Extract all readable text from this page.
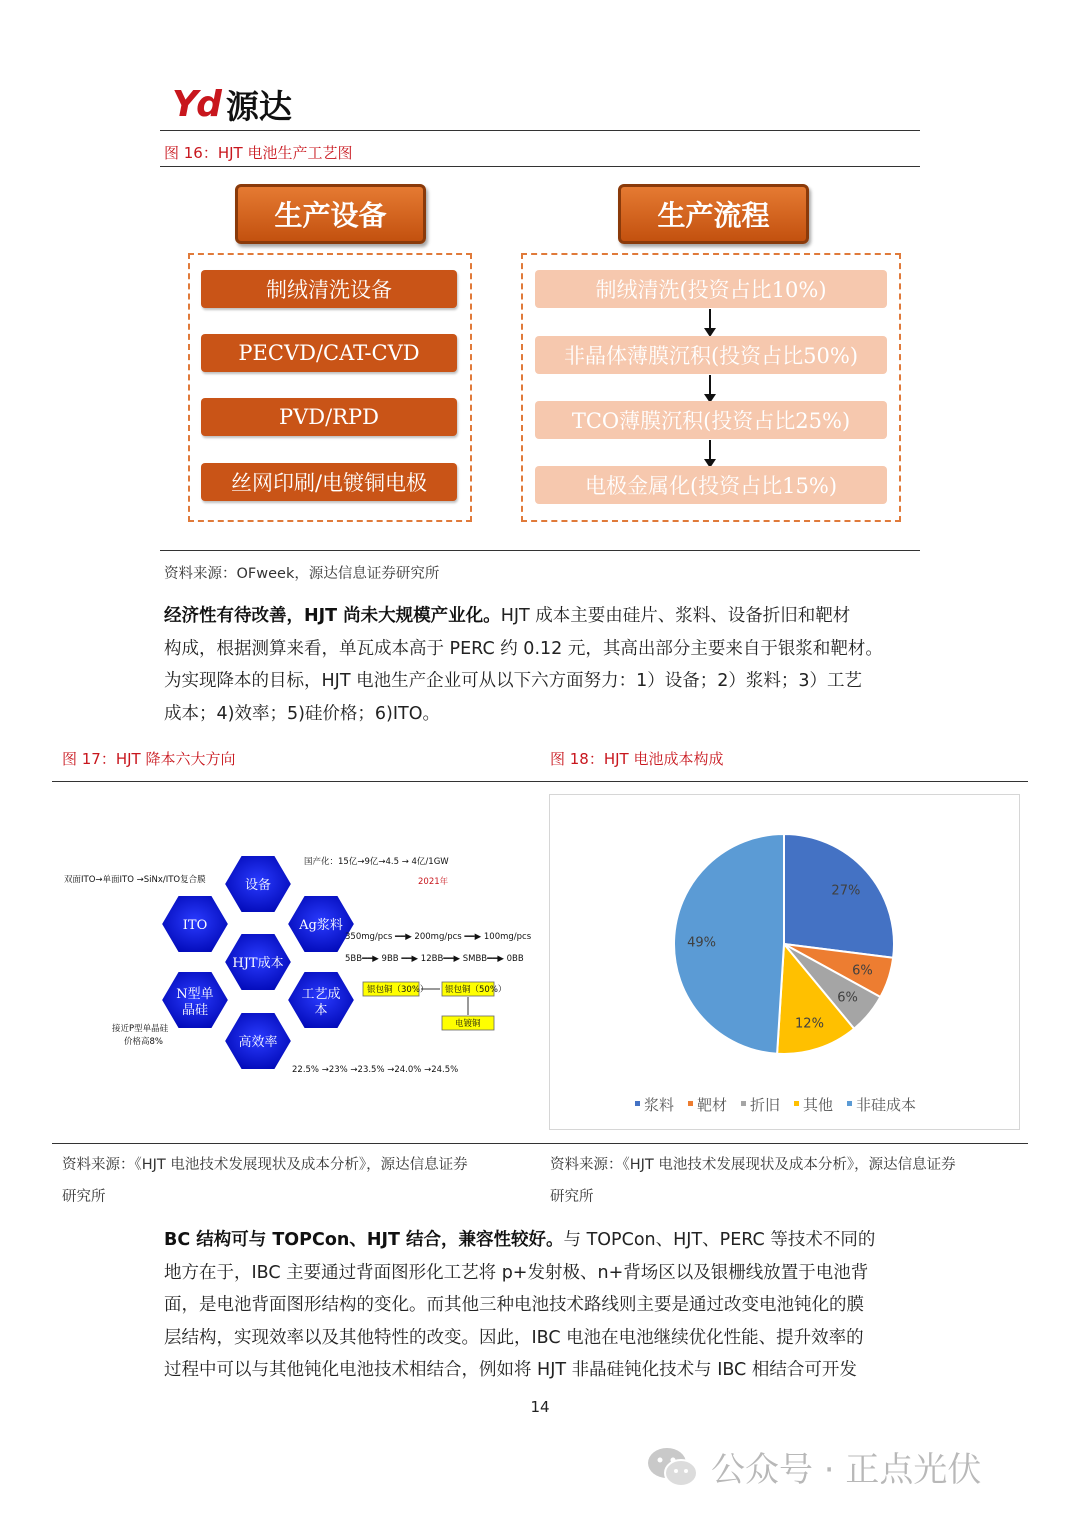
Yd 源达
图 16：HJT 电池生产工艺图
生产设备	生产流程
制绒清洗设备
PECVD/CAT-CVD
PVD/RPD
丝网印刷/电镀铜电极
制绒清洗(投资占比10%)
非晶体薄膜沉积(投资占比50%)
TCO薄膜沉积(投资占比25%)
电极金属化(投资占比15%)
资料来源：OFweek，源达信息证券研究所
经济性有待改善，HJT 尚未大规模产业化。HJT 成本主要由硅片、浆料、设备折旧和靶材
构成，根据测算来看，单瓦成本高于 PERC 约 0.12 元，其高出部分主要来自于银浆和靶材。
为实现降本的目标，HJT 电池生产企业可从以下六方面努力：1）设备；2）浆料；3）工艺
成本；4)效率；5)硅价格；6)ITO。
图 17：HJT 降本六大方向	图 18：HJT 电池成本构成
HJT成本
设备
Ag浆料
工艺成
本
高效率
N型单
晶硅
ITO
国产化：15亿→9亿→4.5 → 4亿/1GW
2021年
双面ITO→单面ITO →SiNx/ITO复合膜
350mg/pcs ━━▶ 200mg/pcs ━━▶ 100mg/pcs
5BB━━▶ 9BB ━━▶ 12BB━━▶ SMBB━━▶ 0BB
银包铜（30%） 银包铜（50%）
电镀铜
接近P型单晶硅
价格高8%
22.5% →23% →23.5% →24.0% →24.5%
27%
6%
6%
12%
49%
浆料 靶材 折旧 其他 非硅成本
资料来源：《HJT 电池技术发展现状及成本分析》，源达信息证券
研究所
资料来源：《HJT 电池技术发展现状及成本分析》，源达信息证券
研究所
BC 结构可与 TOPCon、HJT 结合，兼容性较好。与 TOPCon、HJT、PERC 等技术不同的
地方在于，IBC 主要通过背面图形化工艺将 p+发射极、n+背场区以及银栅线放置于电池背
面，是电池背面图形结构的变化。而其他三种电池技术路线则主要是通过改变电池钝化的膜
层结构，实现效率以及其他特性的改变。因此，IBC 电池在电池继续优化性能、提升效率的
过程中可以与其他钝化电池技术相结合，例如将 HJT 非晶硅钝化技术与 IBC 相结合可开发
14
公众号 · 正点光伏
